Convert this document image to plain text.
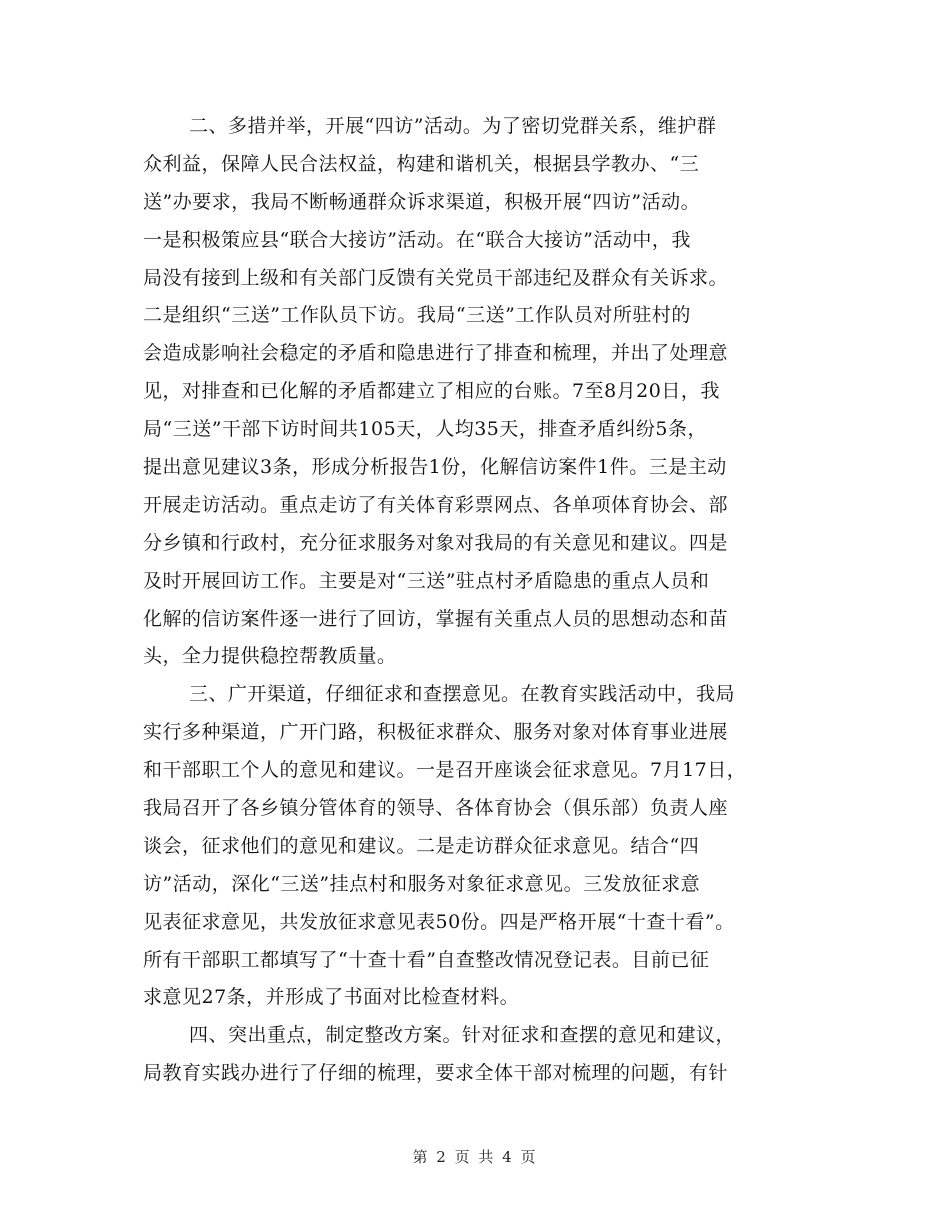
二、多措并举，开展“四访”活动。为了密切党群关系，维护群
众利益，保障人民合法权益，构建和谐机关，根据县学教办、“三
送”办要求，我局不断畅通群众诉求渠道，积极开展“四访”活动。
一是积极策应县“联合大接访”活动。在“联合大接访”活动中，我
局没有接到上级和有关部门反馈有关党员干部违纪及群众有关诉求。
二是组织“三送”工作队员下访。我局“三送”工作队员对所驻村的
会造成影响社会稳定的矛盾和隐患进行了排查和梳理，并出了处理意
见，对排查和已化解的矛盾都建立了相应的台账。7至8月20日，我
局“三送”干部下访时间共105天，人均35天，排查矛盾纠纷5条，
提出意见建议3条，形成分析报告1份，化解信访案件1件。三是主动
开展走访活动。重点走访了有关体育彩票网点、各单项体育协会、部
分乡镇和行政村，充分征求服务对象对我局的有关意见和建议。四是
及时开展回访工作。主要是对“三送”驻点村矛盾隐患的重点人员和
化解的信访案件逐一进行了回访，掌握有关重点人员的思想动态和苗
头，全力提供稳控帮教质量。
三、广开渠道，仔细征求和查摆意见。在教育实践活动中，我局
实行多种渠道，广开门路，积极征求群众、服务对象对体育事业进展
和干部职工个人的意见和建议。一是召开座谈会征求意见。7月17日，
我局召开了各乡镇分管体育的领导、各体育协会（俱乐部）负责人座
谈会，征求他们的意见和建议。二是走访群众征求意见。结合“四
访”活动，深化“三送”挂点村和服务对象征求意见。三发放征求意
见表征求意见，共发放征求意见表50份。四是严格开展“十查十看”。
所有干部职工都填写了“十查十看”自查整改情况登记表。目前已征
求意见27条，并形成了书面对比检查材料。
四、突出重点，制定整改方案。针对征求和查摆的意见和建议，
局教育实践办进行了仔细的梳理，要求全体干部对梳理的问题，有针
第 2 页 共 4 页
